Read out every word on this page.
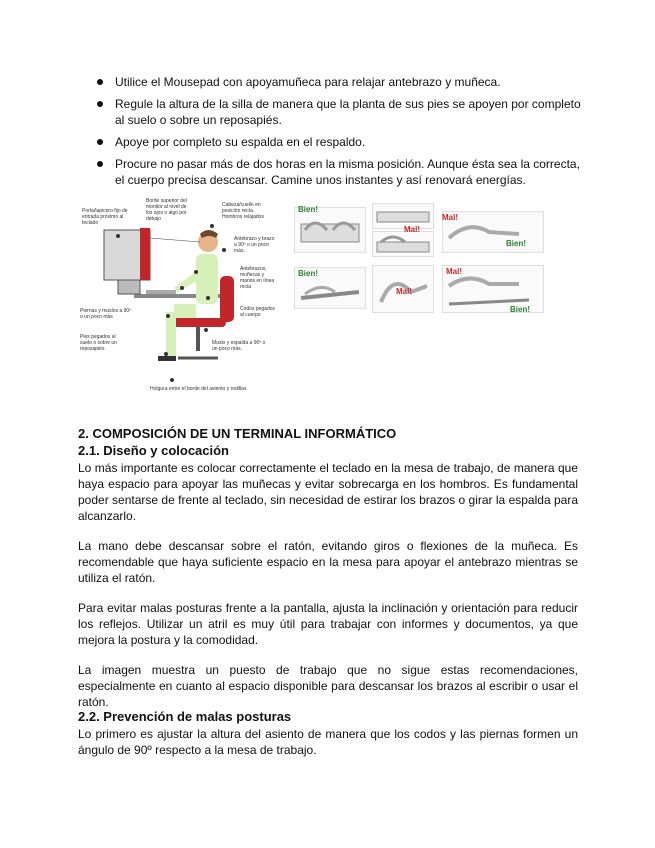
Utilice el Mousepad con apoyamuñeca para relajar antebrazo y muñeca.
Regule la altura de la silla de manera que la planta de sus pies se apoyen por completo al suelo o sobre un reposapiés.
Apoye por completo su espalda en el respaldo.
Procure no pasar más de dos horas en la misma posición. Aunque ésta sea la correcta, el cuerpo precisa descansar. Camine unos instantes y así renovará energías.
Borde superior del monitor al nivel de los ojos o algo por debajo
Cabeza/cuello en posición recta. Hombros relajados
Porta/lapicero fijo de entrada próximo al teclado
Antebrazo y brazo a 90º o un poco más.
Antebrazos, muñecas y manos en línea recta
Piernas y muslos a 90º o un poco más
Codos pegados al cuerpo
Pies pegados al suelo o sobre un reposapiés
Muslo y espalda a 90º o un poco más.
Holgura entre el borde del asiento y rodillas
Bien!
Mal!
Mal!
Bien!
Bien!
Mal!
Mal!
Bien!
2. COMPOSICIÓN DE UN TERMINAL INFORMÁTICO
2.1. Diseño y colocación

Lo más importante es colocar correctamente el teclado en la mesa de trabajo, de manera que haya espacio para apoyar las muñecas y evitar sobrecarga en los hombros. Es fundamental poder sentarse de frente al teclado, sin necesidad de estirar los brazos o girar la espalda para alcanzarlo.

La mano debe descansar sobre el ratón, evitando giros o flexiones de la muñeca. Es recomendable que haya suficiente espacio en la mesa para apoyar el antebrazo mientras se utiliza el ratón.

Para evitar malas posturas frente a la pantalla, ajusta la inclinación y orientación para reducir los reflejos. Utilizar un atril es muy útil para trabajar con informes y documentos, ya que mejora la postura y la comodidad.

La imagen muestra un puesto de trabajo que no sigue estas recomendaciones, especialmente en cuanto al espacio disponible para descansar los brazos al escribir o usar el ratón.

2.2. Prevención de malas posturas

Lo primero es ajustar la altura del asiento de manera que los codos y las piernas formen un ángulo de 90º respecto a la mesa de trabajo.
